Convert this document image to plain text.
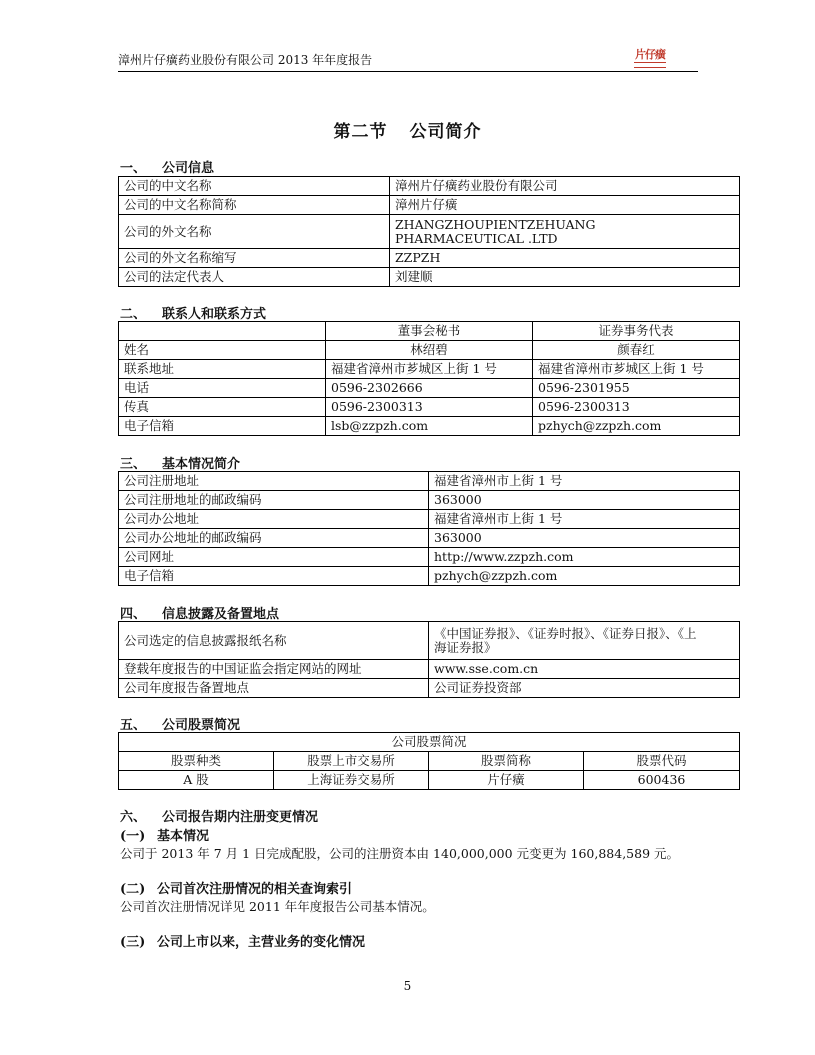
漳州片仔癀药业股份有限公司 2013 年年度报告	片仔癀
第二节 公司简介
一、 公司信息
公司的中文名称	漳州片仔癀药业股份有限公司
公司的中文名称简称	漳州片仔癀
公司的外文名称	ZHANGZHOUPIENTZEHUANG
PHARMACEUTICAL .LTD

公司的外文名称缩写	ZZPZH
公司的法定代表人	刘建顺
二、 联系人和联系方式
	董事会秘书	证券事务代表
姓名	林绍碧	颜春红
联系地址	福建省漳州市芗城区上街 1 号	福建省漳州市芗城区上街 1 号
电话	0596-2302666	0596-2301955
传真	0596-2300313	0596-2300313
电子信箱	lsb@zzpzh.com	pzhych@zzpzh.com
三、 基本情况简介
公司注册地址	福建省漳州市上街 1 号
公司注册地址的邮政编码	363000
公司办公地址	福建省漳州市上街 1 号
公司办公地址的邮政编码	363000
公司网址	http://www.zzpzh.com
电子信箱	pzhych@zzpzh.com
四、 信息披露及备置地点
公司选定的信息披露报纸名称	《中国证券报》、《证券时报》、《证券日报》、《上
海证券报》

登载年度报告的中国证监会指定网站的网址	www.sse.com.cn
公司年度报告备置地点	公司证券投资部
五、 公司股票简况
公司股票简况			
股票种类	股票上市交易所	股票简称	股票代码
A 股	上海证券交易所	片仔癀	600436
六、 公司报告期内注册变更情况
(一) 基本情况
公司于 2013 年 7 月 1 日完成配股，公司的注册资本由 140,000,000 元变更为 160,884,589 元。
(二) 公司首次注册情况的相关查询索引
公司首次注册情况详见 2011 年年度报告公司基本情况。
(三) 公司上市以来，主营业务的变化情况
5
